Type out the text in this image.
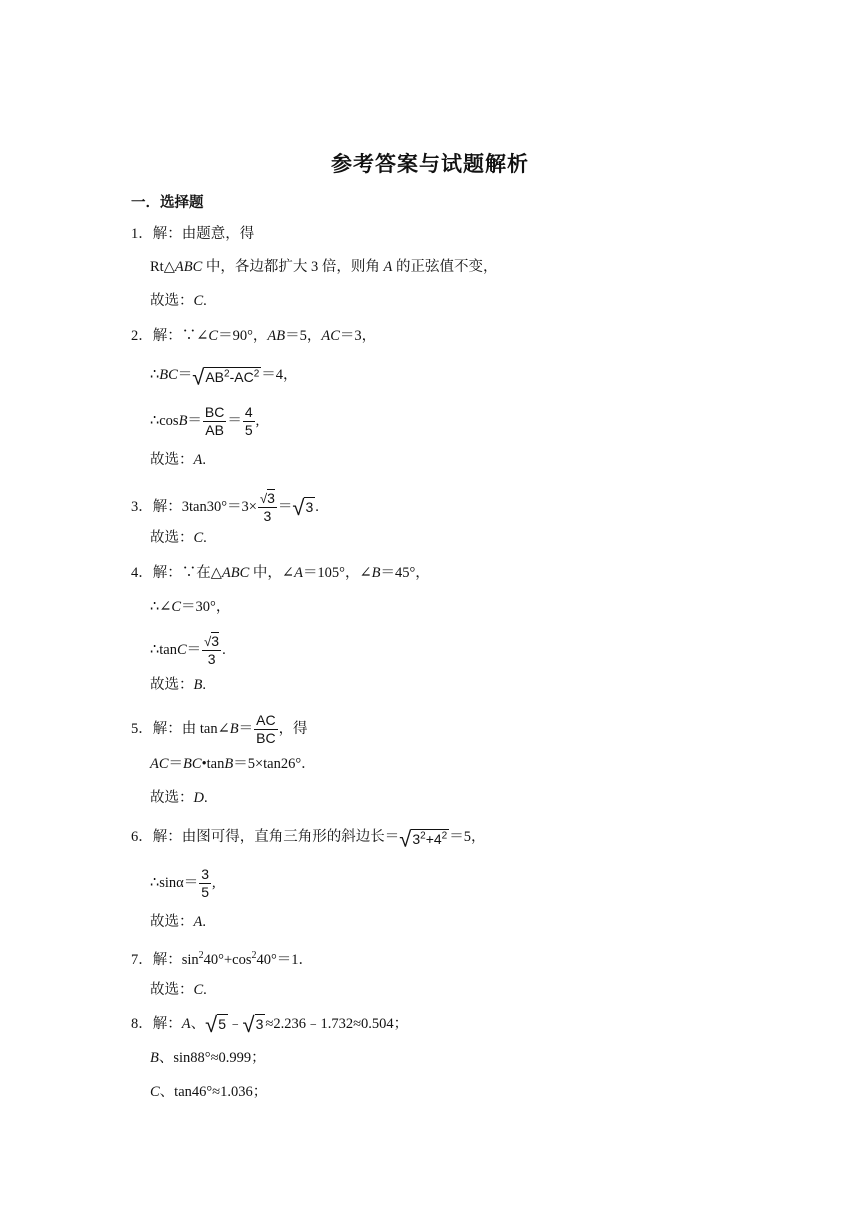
参考答案与试题解析
一．选择题
1．解：由题意，得
Rt△ABC 中，各边都扩大 3 倍，则角 A 的正弦值不变，
故选：C.
2．解：∵∠C＝90°，AB＝5，AC＝3，
$\therefore BC=√AB^2-AC^2 =4$，
∴cosB＝ $\frac{BC}{AB} = \frac{4}{5}$ ,
故选：A.
3．解：$3\tan 30^\circ=3\times \frac{√3}{3} =√3$ .
故选：C.
4．解：∵在△ABC 中，∠A＝105°，∠B＝45°，
∴∠C＝30°，
∴tanC＝ $\frac{√3}{3}$ .
故选：B.
5．解：由 tan∠B＝ $\frac{AC}{BC}$ ，得
AC＝BC•tanB＝5×tan26°．
故选：D.
6．解：由图可得，直角三角形的斜边长$=√3^2+4^2 =5$，
∴sinα＝ $\frac{3}{5}$ ,
故选：A.
7．解：$\sin^240^\circ+\cos^240^\circ=1$．
故选：C.
8．解：A、√5 ﹣√3 ≈2.236﹣1.732≈0.504；
B、sin88°≈0.999；
C、tan46°≈1.036；
